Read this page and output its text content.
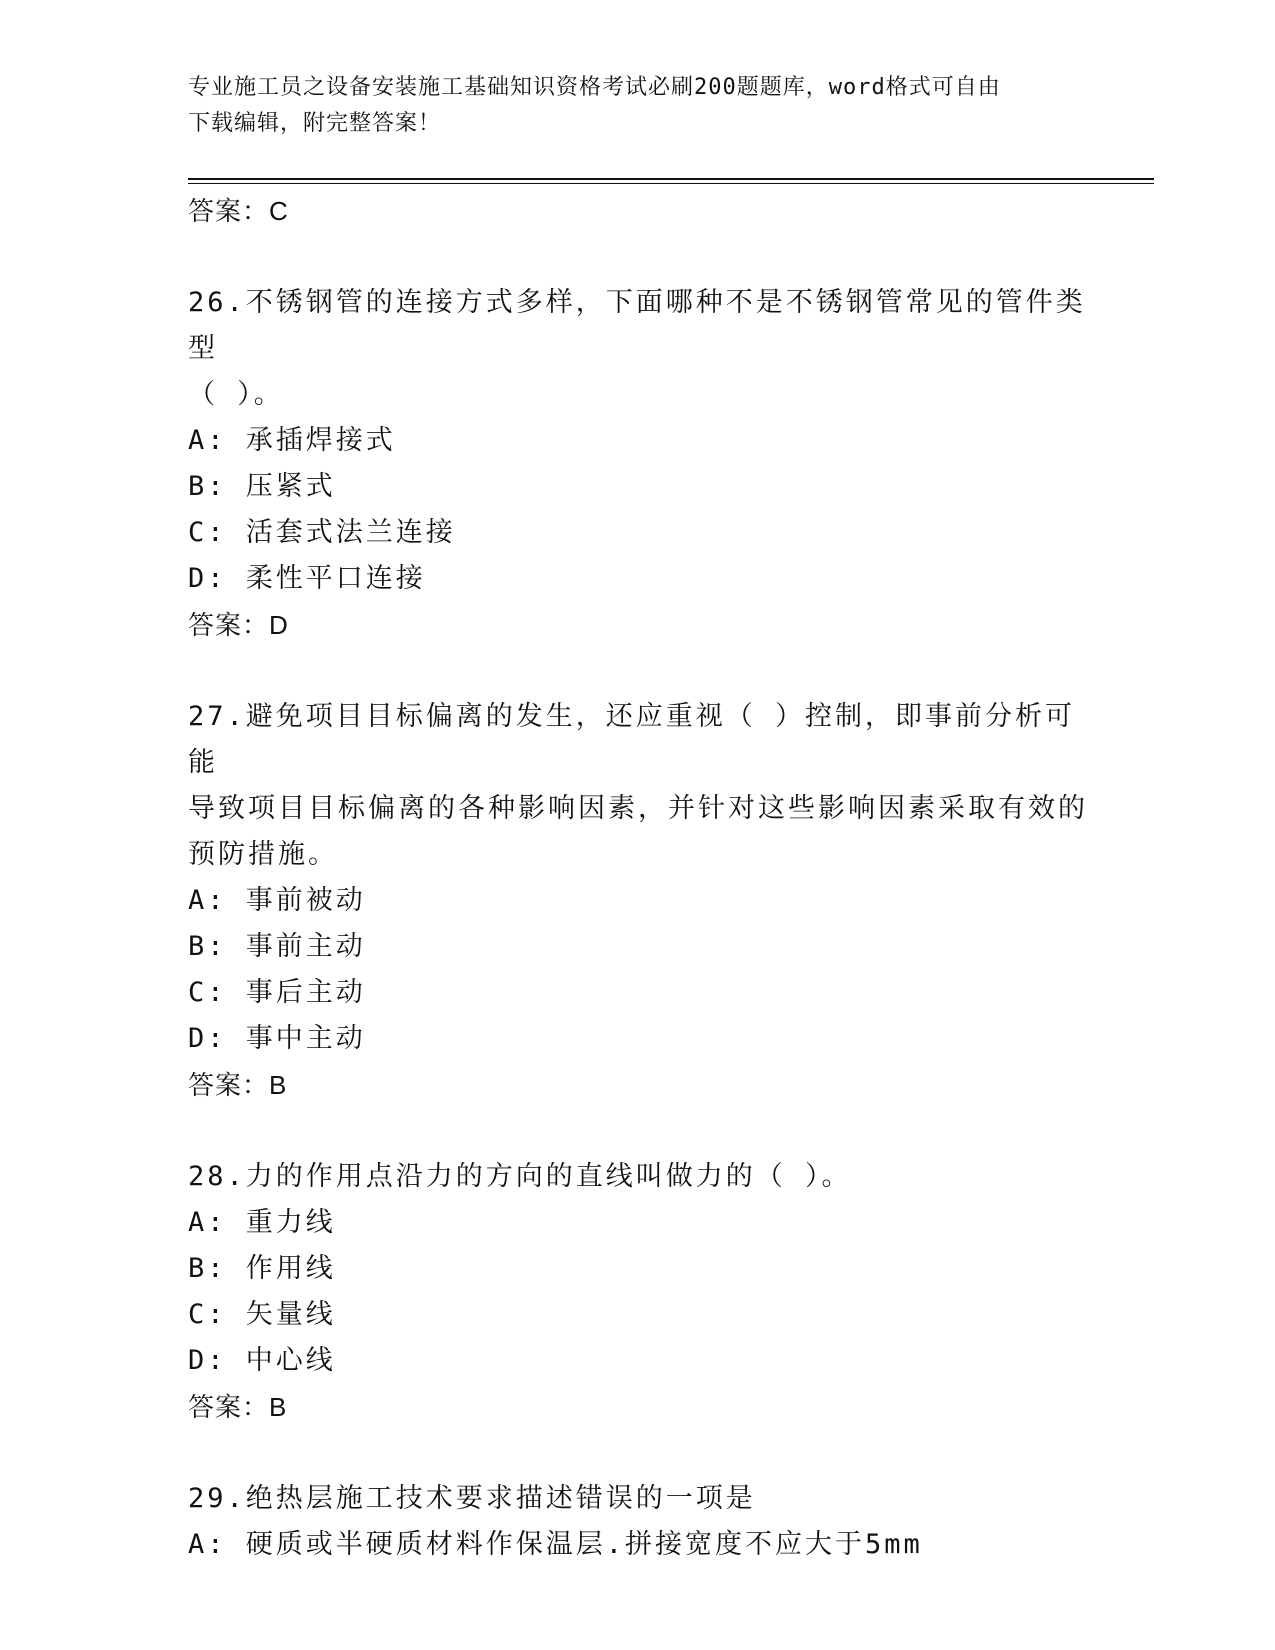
专业施工员之设备安装施工基础知识资格考试必刷200题题库，word格式可自由
下载编辑，附完整答案！
答案：C
26.不锈钢管的连接方式多样，下面哪种不是不锈钢管常见的管件类型
（ ）。
A: 承插焊接式
B: 压紧式
C: 活套式法兰连接
D: 柔性平口连接
答案：D
27.避免项目目标偏离的发生，还应重视（ ）控制，即事前分析可能
导致项目目标偏离的各种影响因素，并针对这些影响因素采取有效的
预防措施。
A: 事前被动
B: 事前主动
C: 事后主动
D: 事中主动
答案：B
28.力的作用点沿力的方向的直线叫做力的（ ）。
A: 重力线
B: 作用线
C: 矢量线
D: 中心线
答案：B
29.绝热层施工技术要求描述错误的一项是
A: 硬质或半硬质材料作保温层.拼接宽度不应大于5mm
